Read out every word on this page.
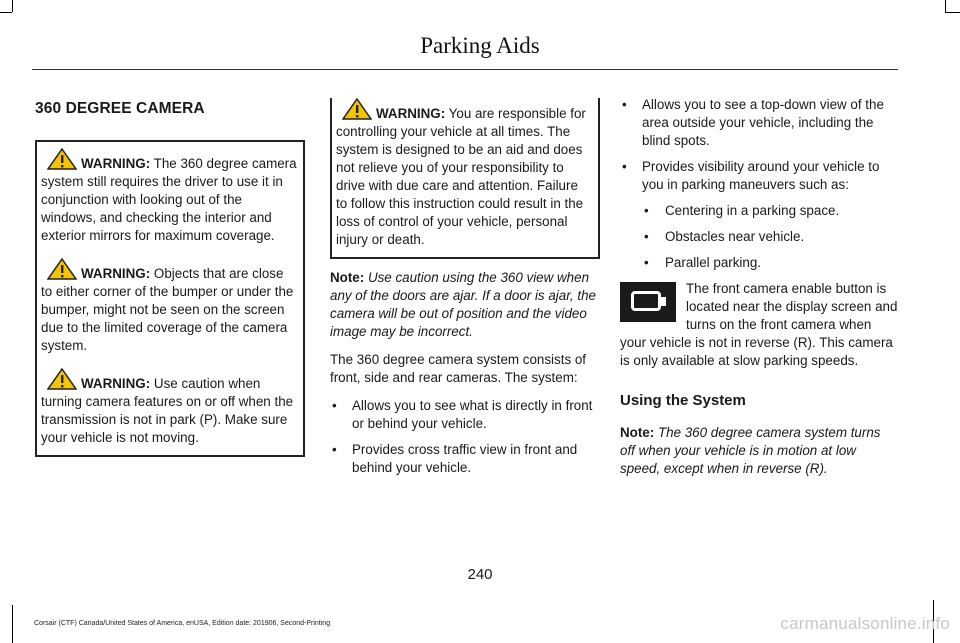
Parking Aids
360 DEGREE CAMERA
WARNING: The 360 degree camera system still requires the driver to use it in conjunction with looking out of the windows, and checking the interior and exterior mirrors for maximum coverage.
WARNING: Objects that are close to either corner of the bumper or under the bumper, might not be seen on the screen due to the limited coverage of the camera system.
WARNING: Use caution when turning camera features on or off when the transmission is not in park (P). Make sure your vehicle is not moving.
WARNING: You are responsible for controlling your vehicle at all times. The system is designed to be an aid and does not relieve you of your responsibility to drive with due care and attention. Failure to follow this instruction could result in the loss of control of your vehicle, personal injury or death.

Note: Use caution using the 360 view when any of the doors are ajar. If a door is ajar, the camera will be out of position and the video image may be incorrect.

The 360 degree camera system consists of front, side and rear cameras. The system:

• Allows you to see what is directly in front or behind your vehicle.
• Provides cross traffic view in front and behind your vehicle.
• Allows you to see a top-down view of the area outside your vehicle, including the blind spots.
• Provides visibility around your vehicle to you in parking maneuvers such as:
• Centering in a parking space.
• Obstacles near vehicle.
• Parallel parking.
The front camera enable button is located near the display screen and turns on the front camera when your vehicle is not in reverse (R). This camera is only available at slow parking speeds.
Using the System

Note: The 360 degree camera system turns off when your vehicle is in motion at low speed, except when in reverse (R).

240
Corsair (CTF) Canada/United States of America, enUSA, Edition date: 201906, Second-Printing	carmanualsonline.info
